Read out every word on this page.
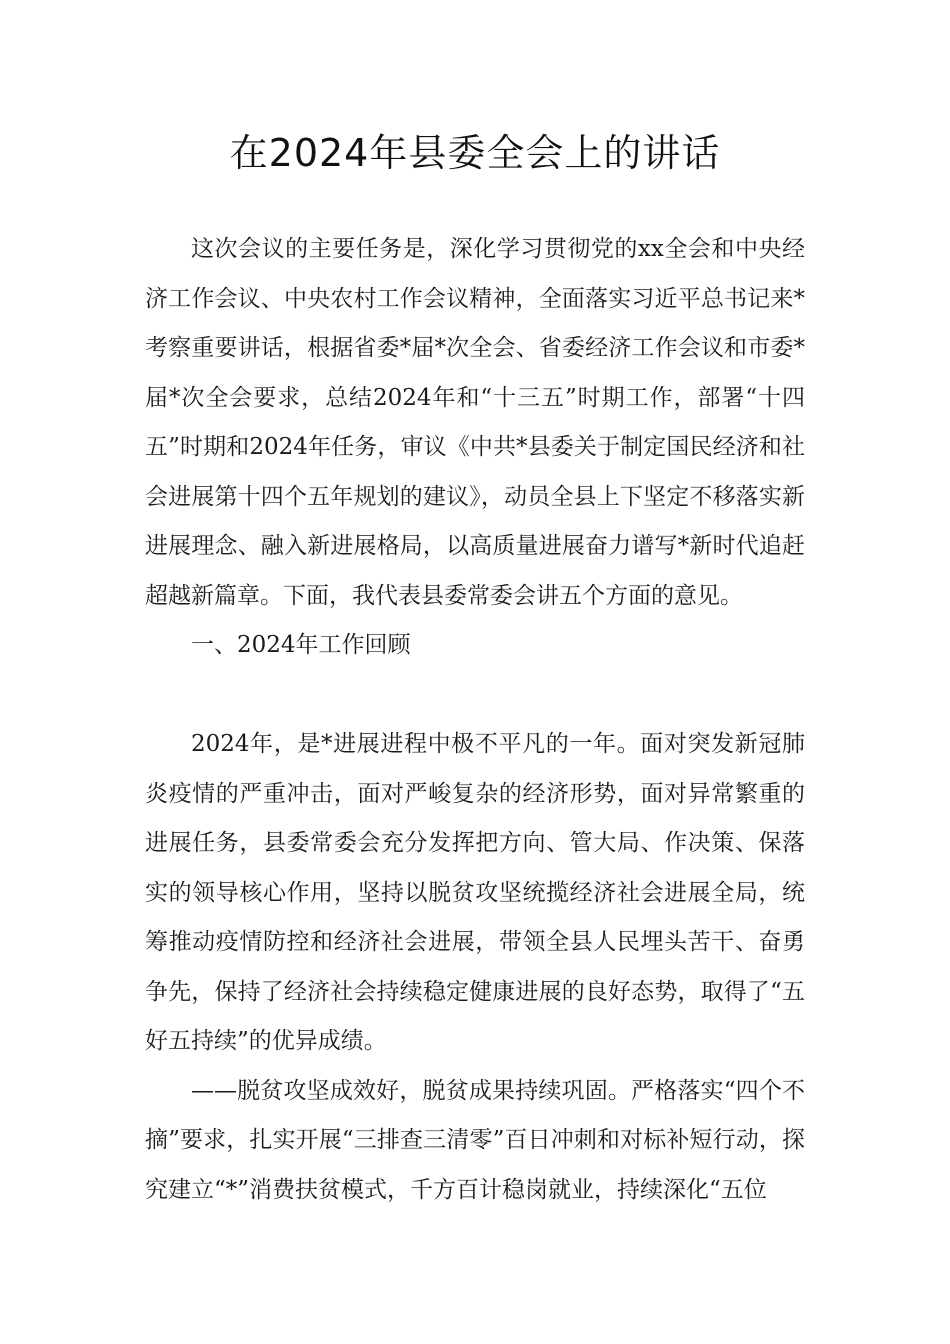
在2024年县委全会上的讲话

这次会议的主要任务是，深化学习贯彻党的xx全会和中央经济工作会议、中央农村工作会议精神，全面落实习近平总书记来*考察重要讲话，根据省委*届*次全会、省委经济工作会议和市委*届*次全会要求，总结2024年和“十三五”时期工作，部署“十四五”时期和2024年任务，审议《中共*县委关于制定国民经济和社会进展第十四个五年规划的建议》，动员全县上下坚定不移落实新进展理念、融入新进展格局，以高质量进展奋力谱写*新时代追赶超越新篇章。下面，我代表县委常委会讲五个方面的意见。

一、2024年工作回顾

2024年，是*进展进程中极不平凡的一年。面对突发新冠肺炎疫情的严重冲击，面对严峻复杂的经济形势，面对异常繁重的进展任务，县委常委会充分发挥把方向、管大局、作决策、保落实的领导核心作用，坚持以脱贫攻坚统揽经济社会进展全局，统筹推动疫情防控和经济社会进展，带领全县人民埋头苦干、奋勇争先，保持了经济社会持续稳定健康进展的良好态势，取得了“五好五持续”的优异成绩。

——脱贫攻坚成效好，脱贫成果持续巩固。严格落实“四个不摘”要求，扎实开展“三排查三清零”百日冲刺和对标补短行动，探究建立“*”消费扶贫模式，千方百计稳岗就业，持续深化“五位
